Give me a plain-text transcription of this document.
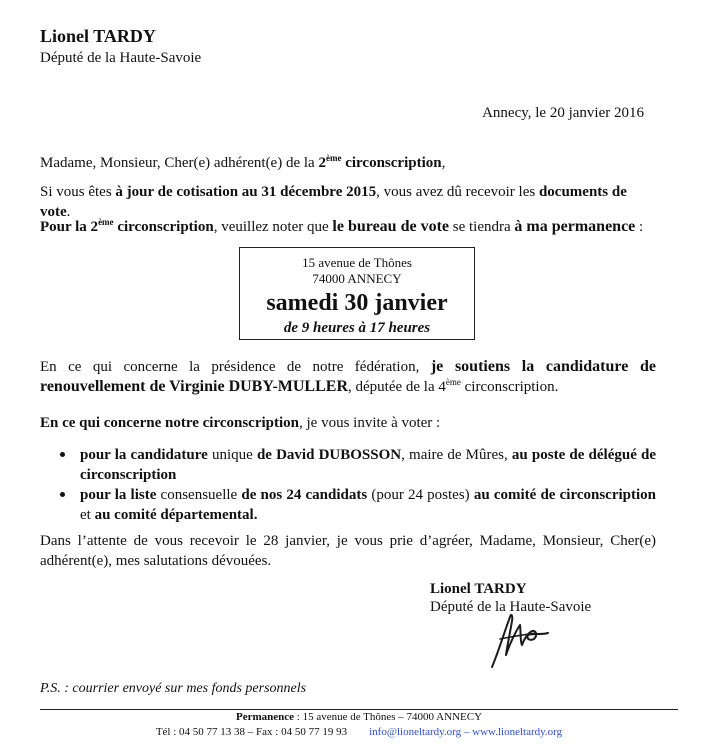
Lionel TARDY
Député de la Haute-Savoie
Annecy, le 20 janvier 2016
Madame, Monsieur, Cher(e) adhérent(e) de la 2ème circonscription,
Si vous êtes à jour de cotisation au 31 décembre 2015, vous avez dû recevoir les documents de vote.
Pour la 2ème circonscription, veuillez noter que le bureau de vote se tiendra à ma permanence :
15 avenue de Thônes
74000 ANNECY
samedi 30 janvier
de 9 heures à 17 heures
En ce qui concerne la présidence de notre fédération, je soutiens la candidature de renouvellement de Virginie DUBY-MULLER, députée de la 4ème circonscription.
En ce qui concerne notre circonscription, je vous invite à voter :
pour la candidature unique de David DUBOSSON, maire de Mûres, au poste de délégué de circonscription
pour la liste consensuelle de nos 24 candidats (pour 24 postes) au comité de circonscription et au comité départemental.
Dans l’attente de vous recevoir le 28 janvier, je vous prie d’agréer, Madame, Monsieur, Cher(e) adhérent(e), mes salutations dévouées.
Lionel TARDY
Député de la Haute-Savoie
P.S. : courrier envoyé sur mes fonds personnels
Permanence : 15 avenue de Thônes – 74000 ANNECY
Tél : 04 50 77 13 38 – Fax : 04 50 77 19 93 info@lioneltardy.org – www.lioneltardy.org
